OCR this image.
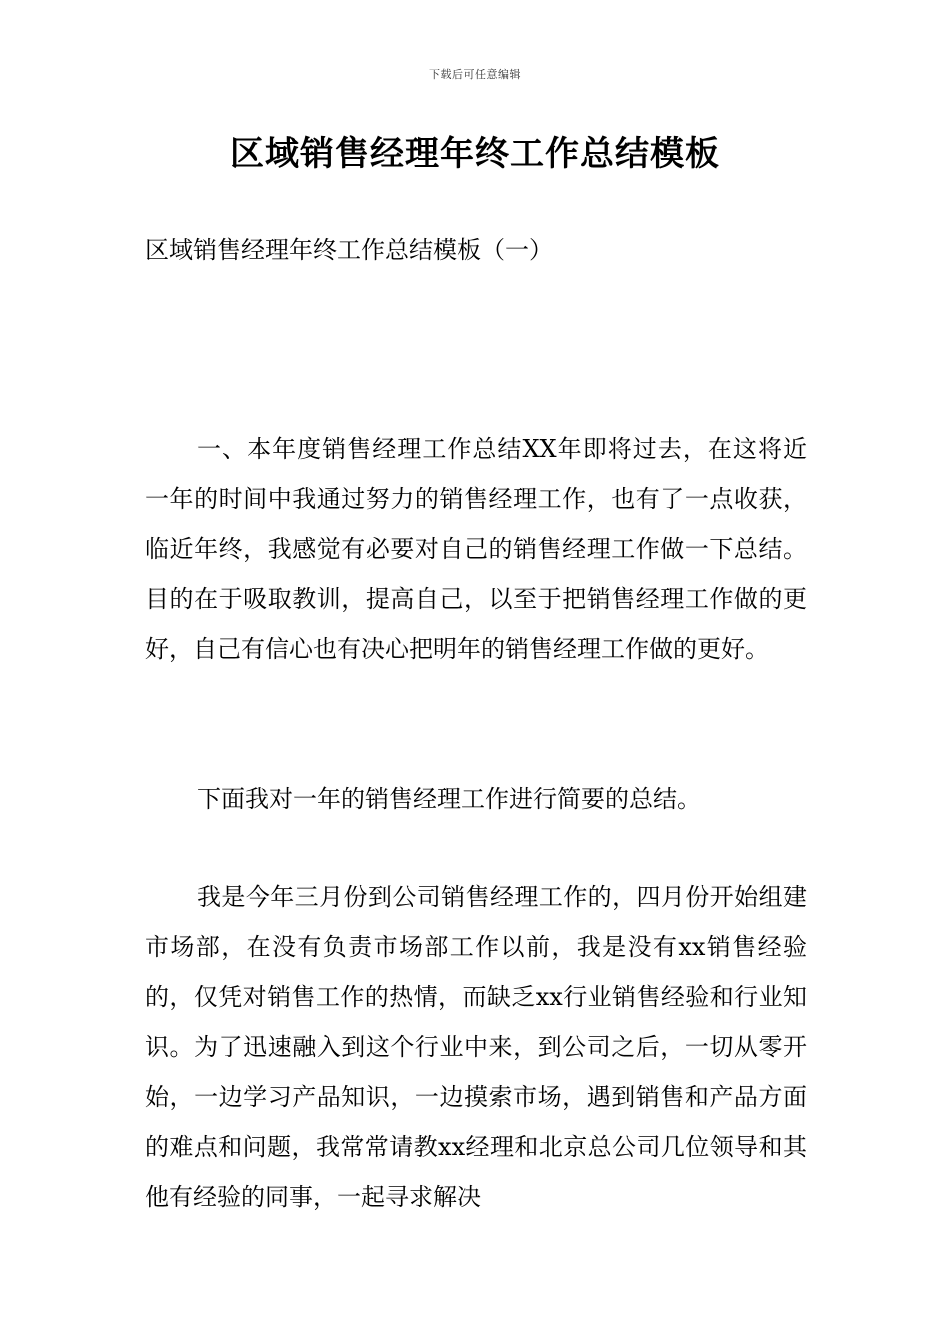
下载后可任意编辑
区域销售经理年终工作总结模板

区域销售经理年终工作总结模板（一）

一、本年度销售经理工作总结XX年即将过去，在这将近一年的时间中我通过努力的销售经理工作，也有了一点收获，临近年终，我感觉有必要对自己的销售经理工作做一下总结。目的在于吸取教训，提高自己，以至于把销售经理工作做的更好，自己有信心也有决心把明年的销售经理工作做的更好。

下面我对一年的销售经理工作进行简要的总结。

我是今年三月份到公司销售经理工作的，四月份开始组建市场部，在没有负责市场部工作以前，我是没有xx销售经验的，仅凭对销售工作的热情，而缺乏xx行业销售经验和行业知识。为了迅速融入到这个行业中来，到公司之后，一切从零开始，一边学习产品知识，一边摸索市场，遇到销售和产品方面的难点和问题，我常常请教xx经理和北京总公司几位领导和其他有经验的同事，一起寻求解决
